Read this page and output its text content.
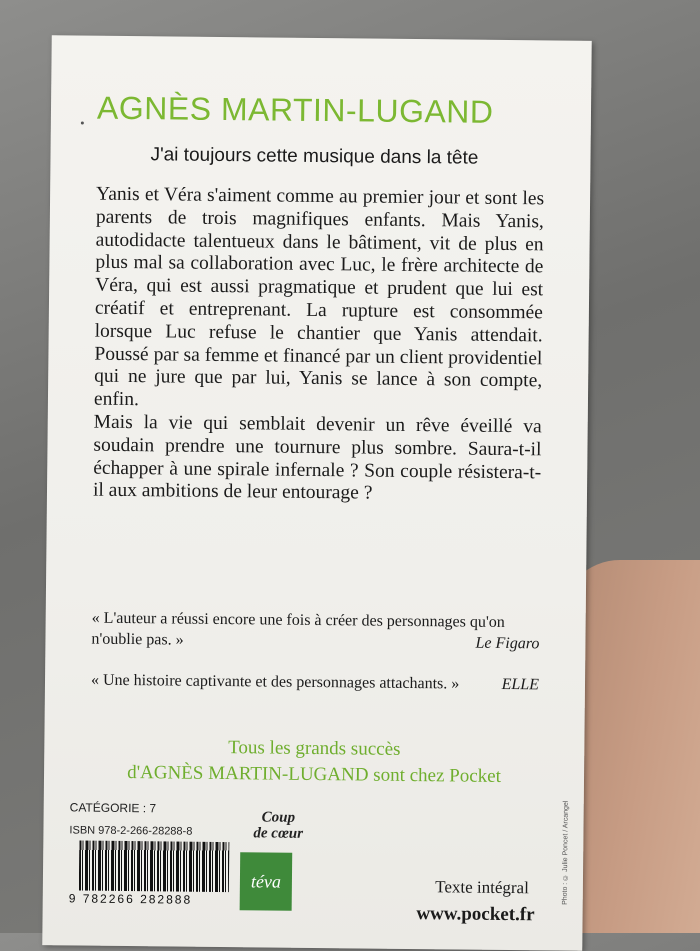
AGNÈS MARTIN-LUGAND
J'ai toujours cette musique dans la tête

Yanis et Véra s'aiment comme au premier jour et sont les parents de trois magnifiques enfants. Mais Yanis, autodidacte talentueux dans le bâtiment, vit de plus en plus mal sa collaboration avec Luc, le frère architecte de Véra, qui est aussi pragmatique et prudent que lui est créatif et entreprenant. La rupture est consommée lorsque Luc refuse le chantier que Yanis attendait. Poussé par sa femme et financé par un client providentiel qui ne jure que par lui, Yanis se lance à son compte, enfin.

Mais la vie qui semblait devenir un rêve éveillé va soudain prendre une tournure plus sombre. Saura-t-il échapper à une spirale infernale ? Son couple résistera-t-il aux ambitions de leur entourage ?

« L'auteur a réussi encore une fois à créer des personnages qu'on n'oublie pas. »	Le Figaro
« Une histoire captivante et des personnages attachants. »	ELLE
Tous les grands succès
d'AGNÈS MARTIN-LUGAND sont chez Pocket
CATÉGORIE : 7
ISBN 978-2-266-28288-8
9 782266 282888
Coup
de cœur
téva	Texte intégral
www.pocket.fr
Photo : © Julie Poncet / Arcangel
